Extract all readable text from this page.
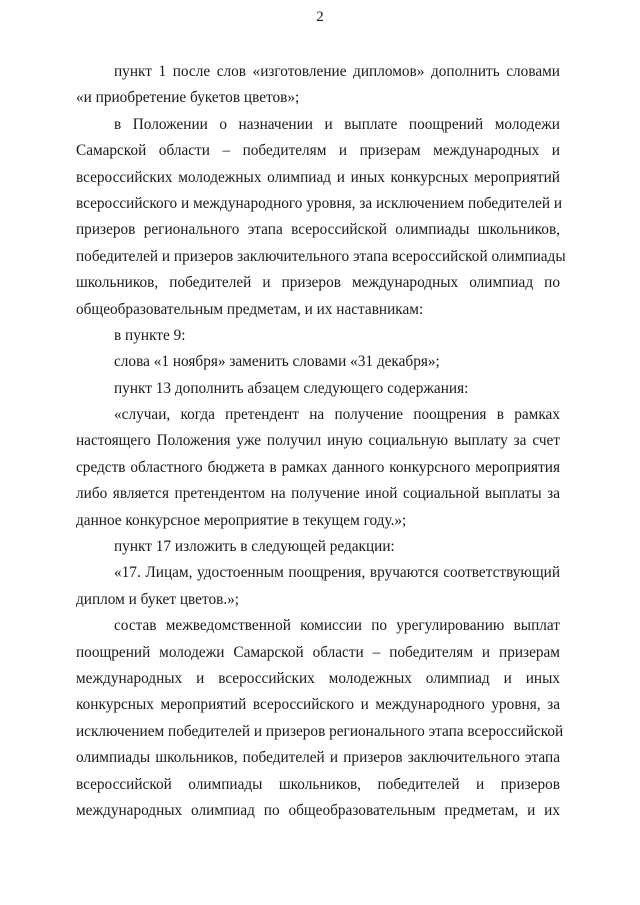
2
пункт 1 после слов «изготовление дипломов» дополнить словами
«и приобретение букетов цветов»;
в Положении о назначении и выплате поощрений молодежи
Самарской области – победителям и призерам международных и
всероссийских молодежных олимпиад и иных конкурсных мероприятий
всероссийского и международного уровня, за исключением победителей и
призеров регионального этапа всероссийской олимпиады школьников,
победителей и призеров заключительного этапа всероссийской олимпиады
школьников, победителей и призеров международных олимпиад по
общеобразовательным предметам, и их наставникам:
в пункте 9:
слова «1 ноября» заменить словами «31 декабря»;
пункт 13 дополнить абзацем следующего содержания:
«случаи, когда претендент на получение поощрения в рамках
настоящего Положения уже получил иную социальную выплату за счет
средств областного бюджета в рамках данного конкурсного мероприятия
либо является претендентом на получение иной социальной выплаты за
данное конкурсное мероприятие в текущем году.»;
пункт 17 изложить в следующей редакции:
«17. Лицам, удостоенным поощрения, вручаются соответствующий
диплом и букет цветов.»;
состав межведомственной комиссии по урегулированию выплат
поощрений молодежи Самарской области – победителям и призерам
международных и всероссийских молодежных олимпиад и иных
конкурсных мероприятий всероссийского и международного уровня, за
исключением победителей и призеров регионального этапа всероссийской
олимпиады школьников, победителей и призеров заключительного этапа
всероссийской олимпиады школьников, победителей и призеров
международных олимпиад по общеобразовательным предметам, и их
